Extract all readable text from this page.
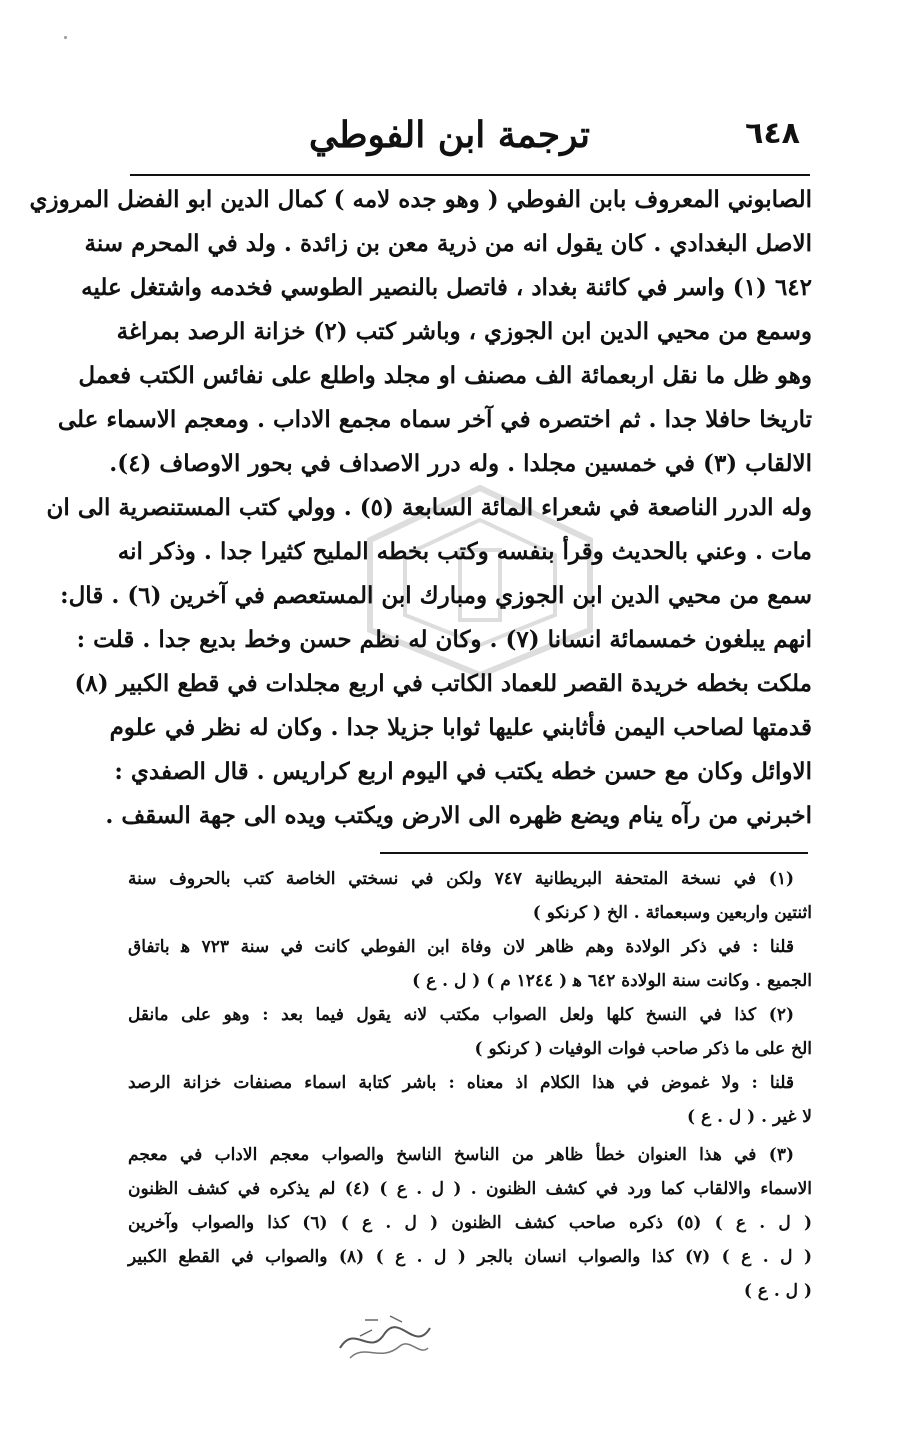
٦٤٨
ترجمة ابن الفوطي
الصابوني المعروف بابن الفوطي ( وهو جده لامه ) كمال الدين ابو الفضل المروزي
الاصل البغدادي . كان يقول انه من ذرية معن بن زائدة . ولد في المحرم سنة
٦٤٢ (١) واسر في كائنة بغداد ، فاتصل بالنصير الطوسي فخدمه واشتغل عليه
وسمع من محيي الدين ابن الجوزي ، وباشر كتب (٢) خزانة الرصد بمراغة
وهو ظل ما نقل اربعمائة الف مصنف او مجلد واطلع على نفائس الكتب فعمل
تاريخا حافلا جدا . ثم اختصره في آخر سماه مجمع الاداب . ومعجم الاسماء على
الالقاب (٣) في خمسين مجلدا . وله درر الاصداف في بحور الاوصاف (٤).
وله الدرر الناصعة في شعراء المائة السابعة (٥) . وولي كتب المستنصرية الى ان
مات . وعني بالحديث وقرأ بنفسه وكتب بخطه المليح كثيرا جدا . وذكر انه
سمع من محيي الدين ابن الجوزي ومبارك ابن المستعصم في آخرين (٦) . قال:
انهم يبلغون خمسمائة انسانا (٧) . وكان له نظم حسن وخط بديع جدا . قلت :
ملكت بخطه خريدة القصر للعماد الكاتب في اربع مجلدات في قطع الكبير (٨)
قدمتها لصاحب اليمن فأثابني عليها ثوابا جزيلا جدا . وكان له نظر في علوم
الاوائل وكان مع حسن خطه يكتب في اليوم اربع كراريس . قال الصفدي :
اخبرني من رآه ينام ويضع ظهره الى الارض ويكتب ويده الى جهة السقف .
(١) في نسخة المتحفة البريطانية ٧٤٧ ولكن في نسختي الخاصة كتب بالحروف سنة
اثنتين واربعين وسبعمائة . الخ ( كرنكو )
قلنا : في ذكر الولادة وهم ظاهر لان وفاة ابن الفوطي كانت في سنة ٧٢٣ ﻫ باتفاق
الجميع . وكانت سنة الولادة ٦٤٢ ﻫ ( ١٢٤٤ م ) ( ل . ع )
(٢) كذا في النسخ كلها ولعل الصواب مكتب لانه يقول فيما بعد : وهو على مانقل
الخ على ما ذكر صاحب فوات الوفيات ( كرنكو )
قلنا : ولا غموض في هذا الكلام اذ معناه : باشر كتابة اسماء مصنفات خزانة الرصد
لا غير . ( ل . ع )
(٣) في هذا العنوان خطأ ظاهر من الناسخ الناسخ والصواب معجم الاداب في معجم
الاسماء والالقاب كما ورد في كشف الظنون . ( ل . ع ) (٤) لم يذكره في كشف الظنون
( ل . ع ) (٥) ذكره صاحب كشف الظنون ( ل . ع ) (٦) كذا والصواب وآخرين
( ل . ع ) (٧) كذا والصواب انسان بالجر ( ل . ع ) (٨) والصواب في القطع الكبير
( ل . ع )
